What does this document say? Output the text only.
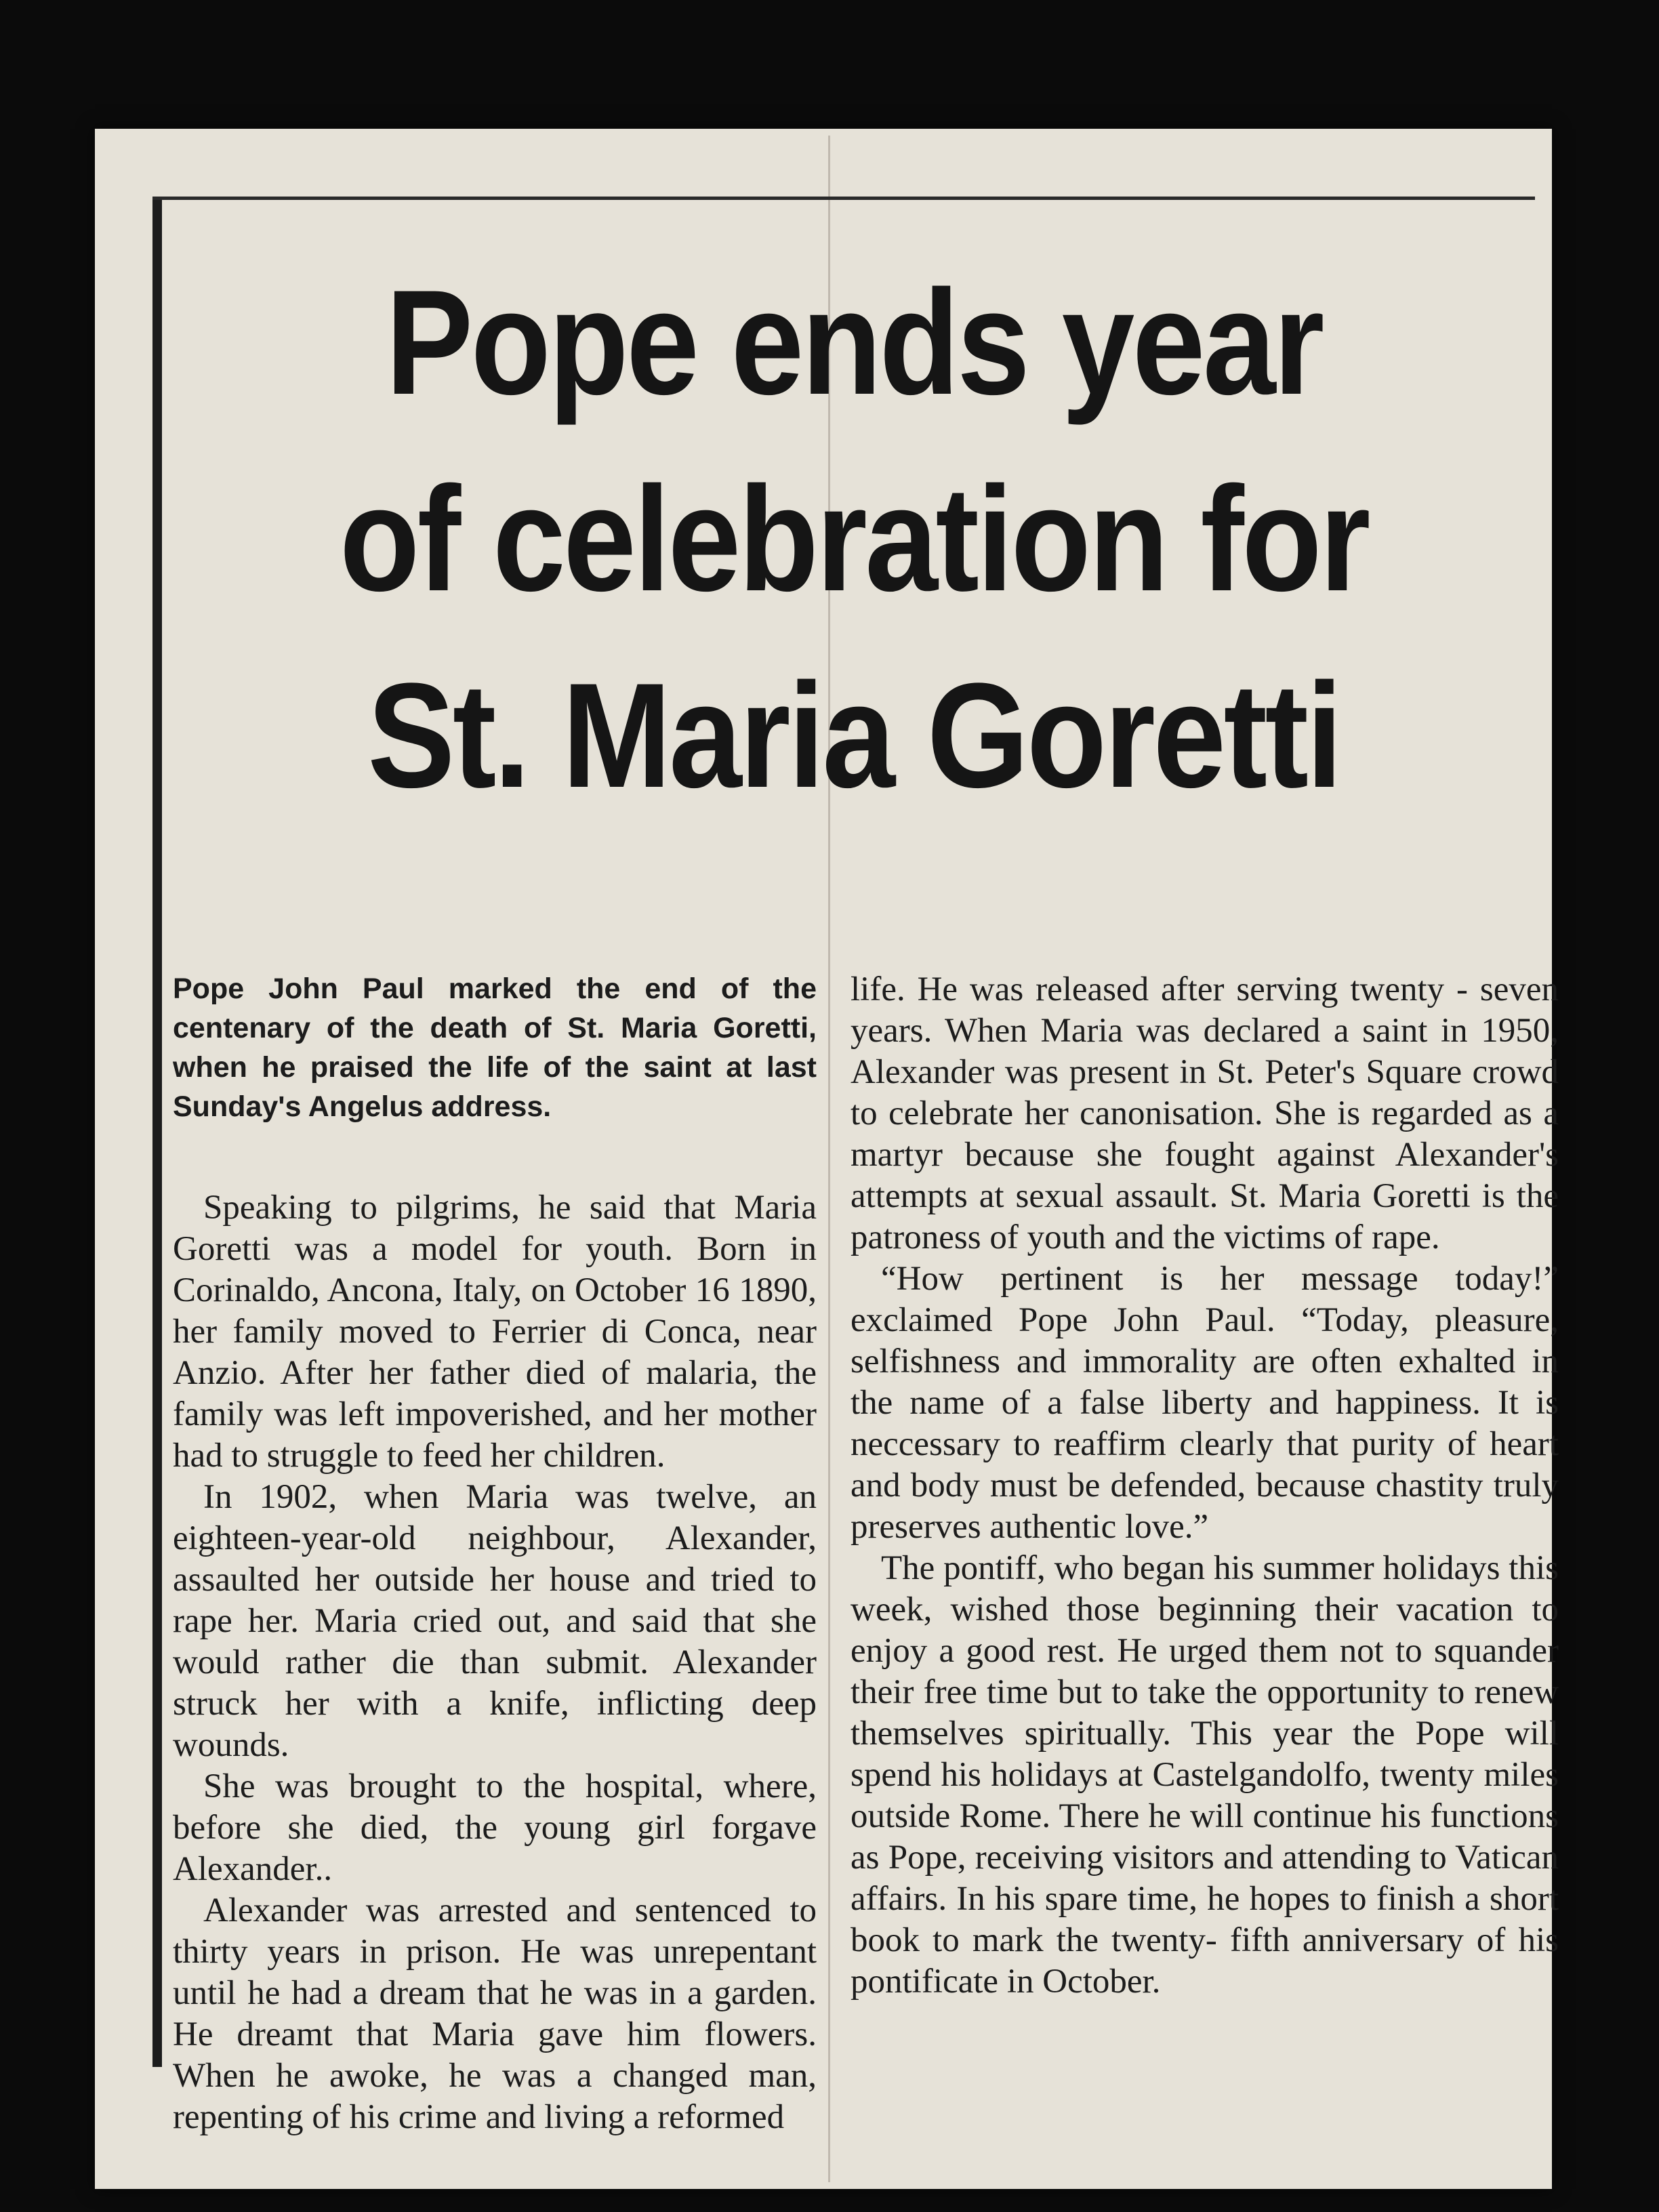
Pope ends year
of celebration for
St. Maria Goretti

Pope John Paul marked the end of the centenary of the death of St. Maria Goretti, when he praised the life of the saint at last Sunday's Angelus address.

Speaking to pilgrims, he said that Maria Goretti was a model for youth. Born in Corinaldo, Ancona, Italy, on October 16 1890, her family moved to Ferrier di Conca, near Anzio. After her father died of malaria, the family was left impoverished, and her mother had to struggle to feed her children.

In 1902, when Maria was twelve, an eighteen-year-old neighbour, Alexander, assaulted her outside her house and tried to rape her. Maria cried out, and said that she would rather die than submit. Alexander struck her with a knife, inflicting deep wounds.

She was brought to the hospital, where, before she died, the young girl forgave Alexander..

Alexander was arrested and sentenced to thirty years in prison. He was unrepentant until he had a dream that he was in a garden. He dreamt that Maria gave him flowers. When he awoke, he was a changed man, repenting of his crime and living a reformed

life. He was released after serving twenty - seven years. When Maria was declared a saint in 1950, Alexander was present in St. Peter's Square crowd to celebrate her canonisation. She is regarded as a martyr because she fought against Alexander's attempts at sexual assault. St. Maria Goretti is the patroness of youth and the victims of rape.

“How pertinent is her message today!” exclaimed Pope John Paul. “Today, pleasure, selfishness and immorality are often exhalted in the name of a false liberty and happiness. It is neccessary to reaffirm clearly that purity of heart and body must be defended, because chastity truly preserves authentic love.”

The pontiff, who began his summer holidays this week, wished those beginning their vacation to enjoy a good rest. He urged them not to squander their free time but to take the opportunity to renew themselves spiritually. This year the Pope will spend his holidays at Castelgandolfo, twenty miles outside Rome. There he will continue his functions as Pope, receiving visitors and attending to Vatican affairs. In his spare time, he hopes to finish a short book to mark the twenty- fifth anniversary of his pontificate in October.
